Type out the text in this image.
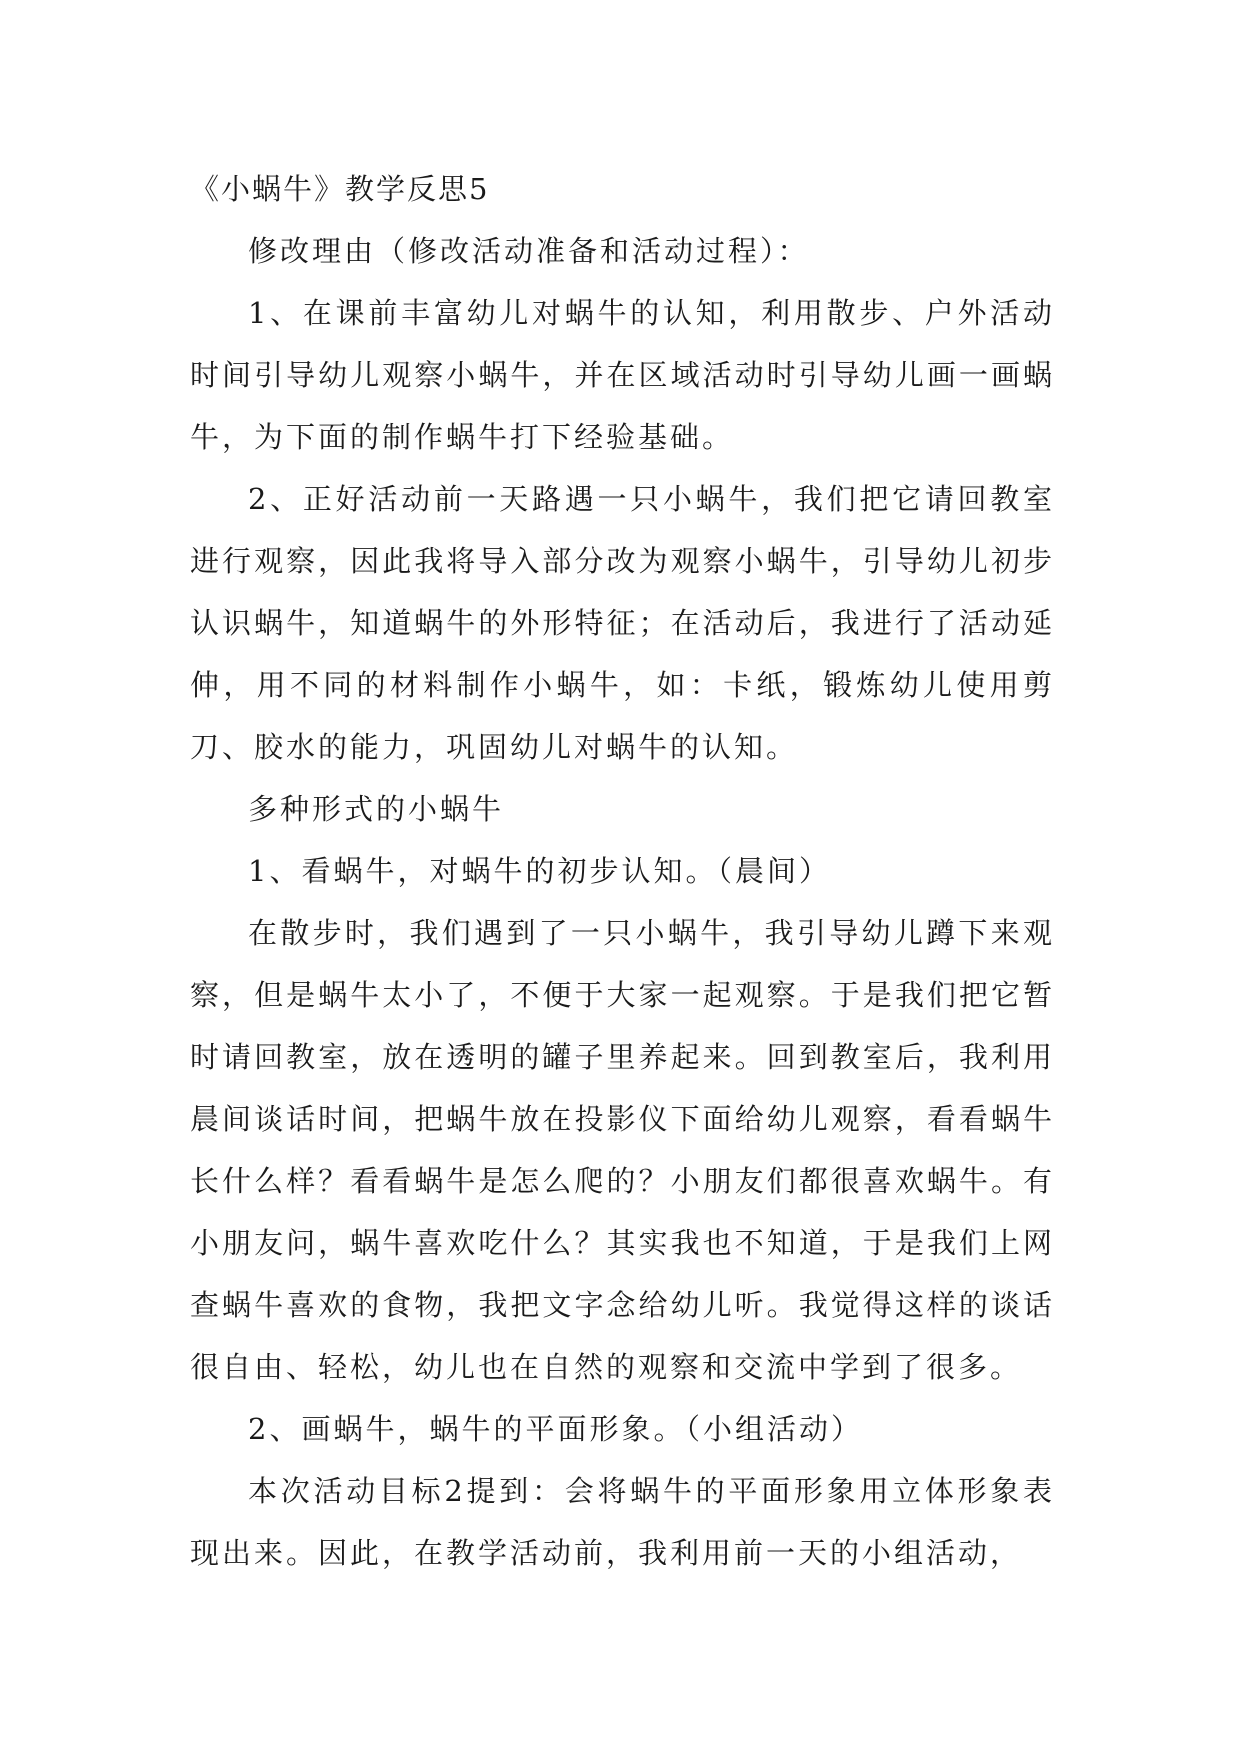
《小蜗牛》教学反思5

修改理由（修改活动准备和活动过程）：

1、在课前丰富幼儿对蜗牛的认知，利用散步、户外活动时间引导幼儿观察小蜗牛，并在区域活动时引导幼儿画一画蜗牛，为下面的制作蜗牛打下经验基础。

2、正好活动前一天路遇一只小蜗牛，我们把它请回教室进行观察，因此我将导入部分改为观察小蜗牛，引导幼儿初步认识蜗牛，知道蜗牛的外形特征；在活动后，我进行了活动延伸，用不同的材料制作小蜗牛，如：卡纸，锻炼幼儿使用剪刀、胶水的能力，巩固幼儿对蜗牛的认知。

多种形式的小蜗牛

1、看蜗牛，对蜗牛的初步认知。（晨间）

在散步时，我们遇到了一只小蜗牛，我引导幼儿蹲下来观察，但是蜗牛太小了，不便于大家一起观察。于是我们把它暂时请回教室，放在透明的罐子里养起来。回到教室后，我利用晨间谈话时间，把蜗牛放在投影仪下面给幼儿观察，看看蜗牛长什么样？看看蜗牛是怎么爬的？小朋友们都很喜欢蜗牛。有小朋友问，蜗牛喜欢吃什么？其实我也不知道，于是我们上网查蜗牛喜欢的食物，我把文字念给幼儿听。我觉得这样的谈话很自由、轻松，幼儿也在自然的观察和交流中学到了很多。

2、画蜗牛，蜗牛的平面形象。（小组活动）

本次活动目标2提到：会将蜗牛的平面形象用立体形象表现出来。因此，在教学活动前，我利用前一天的小组活动，
